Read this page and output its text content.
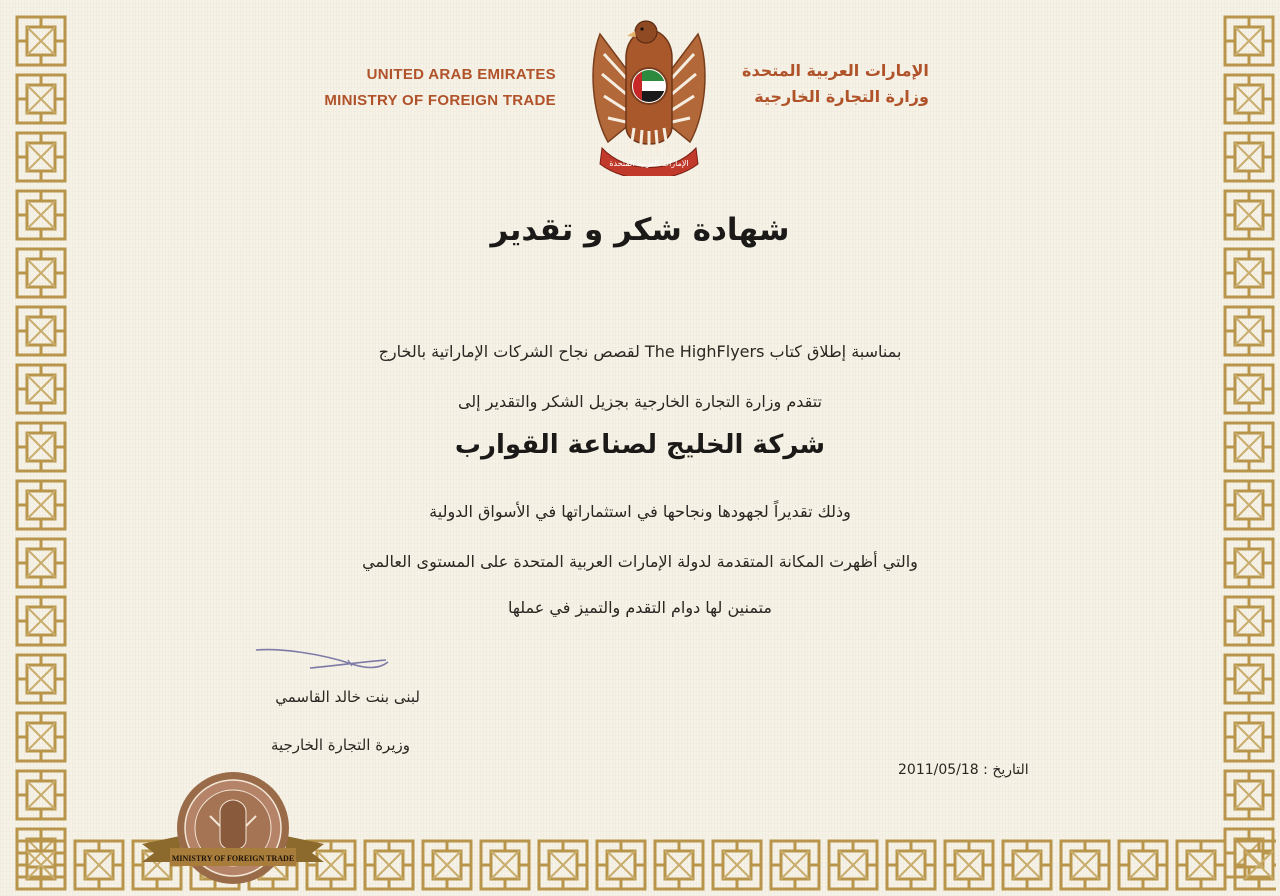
UNITED ARAB EMIRATES
MINISTRY OF FOREIGN TRADE
الإمارات العربية المتحدة
وزارة التجارة الخارجية
الإمارات العربية المتحدة
شهادة شكر و تقدير
بمناسبة إطلاق كتاب The HighFlyers لقصص نجاح الشركات الإماراتية بالخارج
تتقدم وزارة التجارة الخارجية بجزيل الشكر والتقدير إلى
شركة الخليج لصناعة القوارب
وذلك تقديراً لجهودها ونجاحها في استثماراتها في الأسواق الدولية
والتي أظهرت المكانة المتقدمة لدولة الإمارات العربية المتحدة على المستوى العالمي
متمنين لها دوام التقدم والتميز في عملها
لبنى بنت خالد القاسمي
وزيرة التجارة الخارجية
التاريخ : 2011/05/18
MINISTRY OF FOREIGN TRADE
